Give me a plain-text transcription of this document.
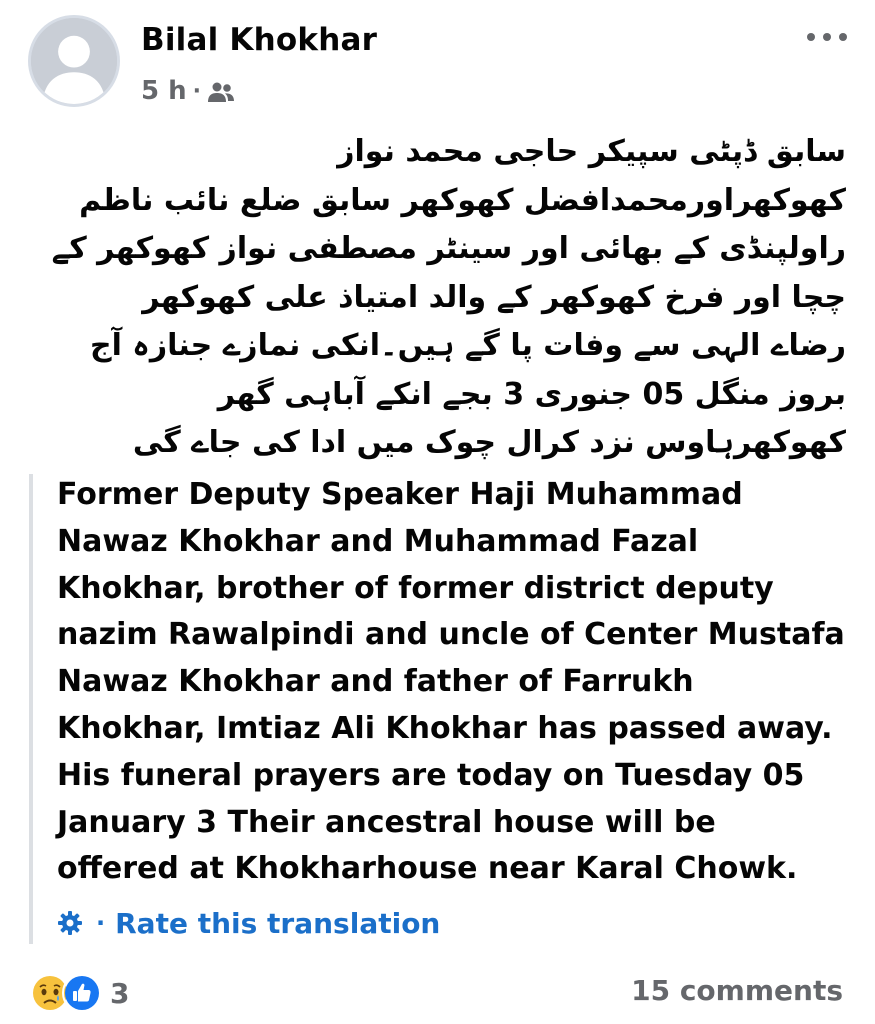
Bilal Khokhar
5 h ·
سابق ڈپٹی سپیکر حاجی محمد نواز
کھوکھراورمحمدافضل کھوکھر سابق ضلع نائب ناظم
راولپنڈی کے بھائی اور سینٹر مصطفی نواز کھوکھر کے
چچا اور فرخ کھوکھر کے والد امتیاذ علی کھوکھر
رضاے الہی سے وفات پا گے ہیں۔انکی نمازے جنازہ آج
بروز منگل 05 جنوری 3 بجے انکے آباہی گھر
کھوکھرہاوس نزد کرال چوک میں ادا کی جاے گی
Former Deputy Speaker Haji Muhammad
Nawaz Khokhar and Muhammad Fazal
Khokhar, brother of former district deputy
nazim Rawalpindi and uncle of Center Mustafa
Nawaz Khokhar and father of Farrukh
Khokhar, Imtiaz Ali Khokhar has passed away.
His funeral prayers are today on Tuesday 05
January 3 Their ancestral house will be
offered at Khokharhouse near Karal Chowk.
· Rate this translation
3	15 comments
